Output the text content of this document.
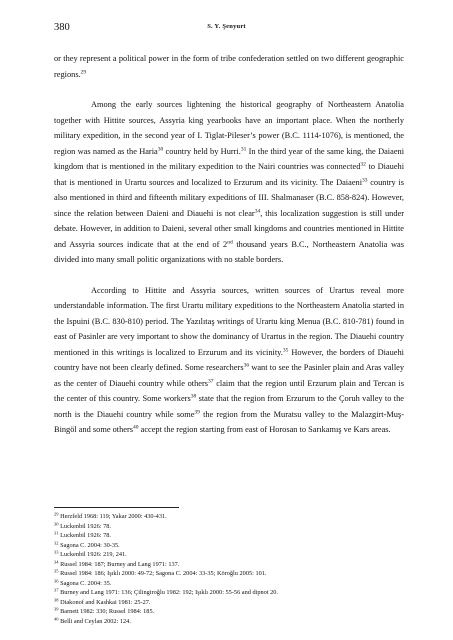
380	S. Y. Şenyurt

or they represent a political power in the form of tribe confederation settled on two different geographic regions.$^{29}$

Among the early sources lightening the historical geography of Northeastern Anatolia together with Hittite sources, Assyria king yearbooks have an important place. When the northerly military expedition, in the second year of I. Tiglat-Pileser’s power (B.C. 1114-1076), is mentioned, the region was named as the Haria$^{30}$ country held by Hurri.$^{31}$ In the third year of the same king, the Daiaeni kingdom that is mentioned in the military expedition to the Nairi countries was connected$^{32}$ to Diauehi that is mentioned in Urartu sources and localized to Erzurum and its vicinity. The Daiaeni$^{33}$ country is also mentioned in third and fifteenth military expeditions of III. Shalmanaser (B.C. 858-824). However, since the relation between Daieni and Diauehi is not clear$^{34}$, this localization suggestion is still under debate. However, in addition to Daieni, several other small kingdoms and countries mentioned in Hittite and Assyria sources indicate that at the end of 2nd thousand years B.C., Northeastern Anatolia was divided into many small politic organizations with no stable borders.

According to Hittite and Assyria sources, written sources of Urartus reveal more understandable information. The first Urartu military expeditions to the Northeastern Anatolia started in the Ispuini (B.C. 830-810) period. The Yazılıtaş writings of Urartu king Menua (B.C. 810-781) found in east of Pasinler are very important to show the dominancy of Urartus in the region. The Diauehi country mentioned in this writings is localized to Erzurum and its vicinity.$^{35}$ However, the borders of Diauehi country have not been clearly defined. Some researchers$^{36}$ want to see the Pasinler plain and Aras valley as the center of Diauehi country while others$^{37}$ claim that the region until Erzurum plain and Tercan is the center of this country. Some workers$^{38}$ state that the region from Erzurum to the Çoruh valley to the north is the Diauehi country while some$^{39}$ the region from the Muratsu valley to the Malazgirt-Muş-Bingöl and some others$^{40}$ accept the region starting from east of Horosan to Sarıkamış ve Kars areas.

$^{29}$ Herzfeld 1968: 119; Yakar 2000: 430-431.
$^{30}$ Luckenbil 1926: 78.
$^{31}$ Luckenbil 1926: 78.
$^{32}$ Sagona C. 2004: 30-35.
$^{33}$ Luckenbil 1926: 219, 241.
$^{34}$ Russel 1984: 187; Burney and Lang 1971: 137.
$^{35}$ Russel 1984: 186; Işıklı 2000: 49-72; Sagona C. 2004: 33-35; Köroğlu 2005: 101.
$^{36}$ Sagona C. 2004: 35.
$^{37}$ Burney and Lang 1971: 136; Çilingiroğlu 1982: 192; Işıklı 2000: 55-56 and dipnot 20.
$^{38}$ Diakonof and Kashkai 1981: 25-27.
$^{39}$ Barnett 1982: 330; Russel 1984: 185.
$^{40}$ Belli and Ceylan 2002: 124.
